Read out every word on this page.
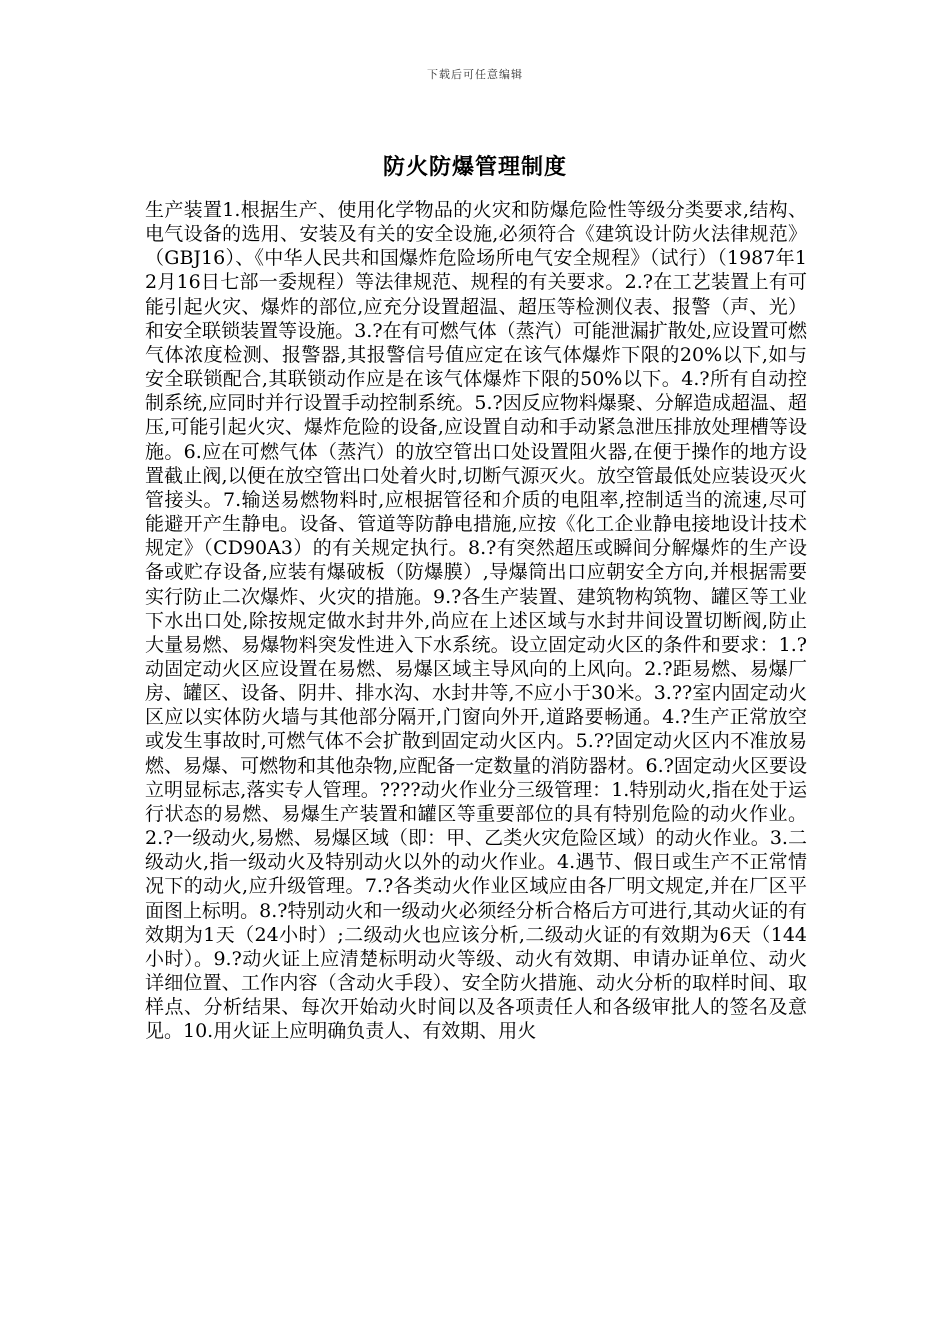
下载后可任意编辑
防火防爆管理制度

生产装置1.根据生产、使用化学物品的火灾和防爆危险性等级分类要求,结构、电气设备的选用、安装及有关的安全设施,必须符合《建筑设计防火法律规范》（GBJ16）、《中华人民共和国爆炸危险场所电气安全规程》（试行）（1987年12月16日七部一委规程）等法律规范、规程的有关要求。2.?在工艺装置上有可能引起火灾、爆炸的部位,应充分设置超温、超压等检测仪表、报警（声、光）和安全联锁装置等设施。3.?在有可燃气体（蒸汽）可能泄漏扩散处,应设置可燃气体浓度检测、报警器,其报警信号值应定在该气体爆炸下限的20%以下,如与安全联锁配合,其联锁动作应是在该气体爆炸下限的50%以下。4.?所有自动控制系统,应同时并行设置手动控制系统。5.?因反应物料爆聚、分解造成超温、超压,可能引起火灾、爆炸危险的设备,应设置自动和手动紧急泄压排放处理槽等设施。6.应在可燃气体（蒸汽）的放空管出口处设置阻火器,在便于操作的地方设置截止阀,以便在放空管出口处着火时,切断气源灭火。放空管最低处应装设灭火管接头。7.输送易燃物料时,应根据管径和介质的电阻率,控制适当的流速,尽可能避开产生静电。设备、管道等防静电措施,应按《化工企业静电接地设计技术规定》（CD90A3）的有关规定执行。8.?有突然超压或瞬间分解爆炸的生产设备或贮存设备,应装有爆破板（防爆膜）,导爆筒出口应朝安全方向,并根据需要实行防止二次爆炸、火灾的措施。9.?各生产装置、建筑物构筑物、罐区等工业下水出口处,除按规定做水封井外,尚应在上述区域与水封井间设置切断阀,防止大量易燃、易爆物料突发性进入下水系统。设立固定动火区的条件和要求：1.?动固定动火区应设置在易燃、易爆区域主导风向的上风向。2.?距易燃、易爆厂房、罐区、设备、阴井、排水沟、水封井等,不应小于30米。3.??室内固定动火区应以实体防火墙与其他部分隔开,门窗向外开,道路要畅通。4.?生产正常放空或发生事故时,可燃气体不会扩散到固定动火区内。5.??固定动火区内不准放易燃、易爆、可燃物和其他杂物,应配备一定数量的消防器材。6.?固定动火区要设立明显标志,落实专人管理。????动火作业分三级管理：1.特别动火,指在处于运行状态的易燃、易爆生产装置和罐区等重要部位的具有特别危险的动火作业。2.?一级动火,易燃、易爆区域（即：甲、乙类火灾危险区域）的动火作业。3.二级动火,指一级动火及特别动火以外的动火作业。4.遇节、假日或生产不正常情况下的动火,应升级管理。7.?各类动火作业区域应由各厂明文规定,并在厂区平面图上标明。8.?特别动火和一级动火必须经分析合格后方可进行,其动火证的有效期为1天（24小时）;二级动火也应该分析,二级动火证的有效期为6天（144小时）。9.?动火证上应清楚标明动火等级、动火有效期、申请办证单位、动火详细位置、工作内容（含动火手段）、安全防火措施、动火分析的取样时间、取样点、分析结果、每次开始动火时间以及各项责任人和各级审批人的签名及意见。10.用火证上应明确负责人、有效期、用火
